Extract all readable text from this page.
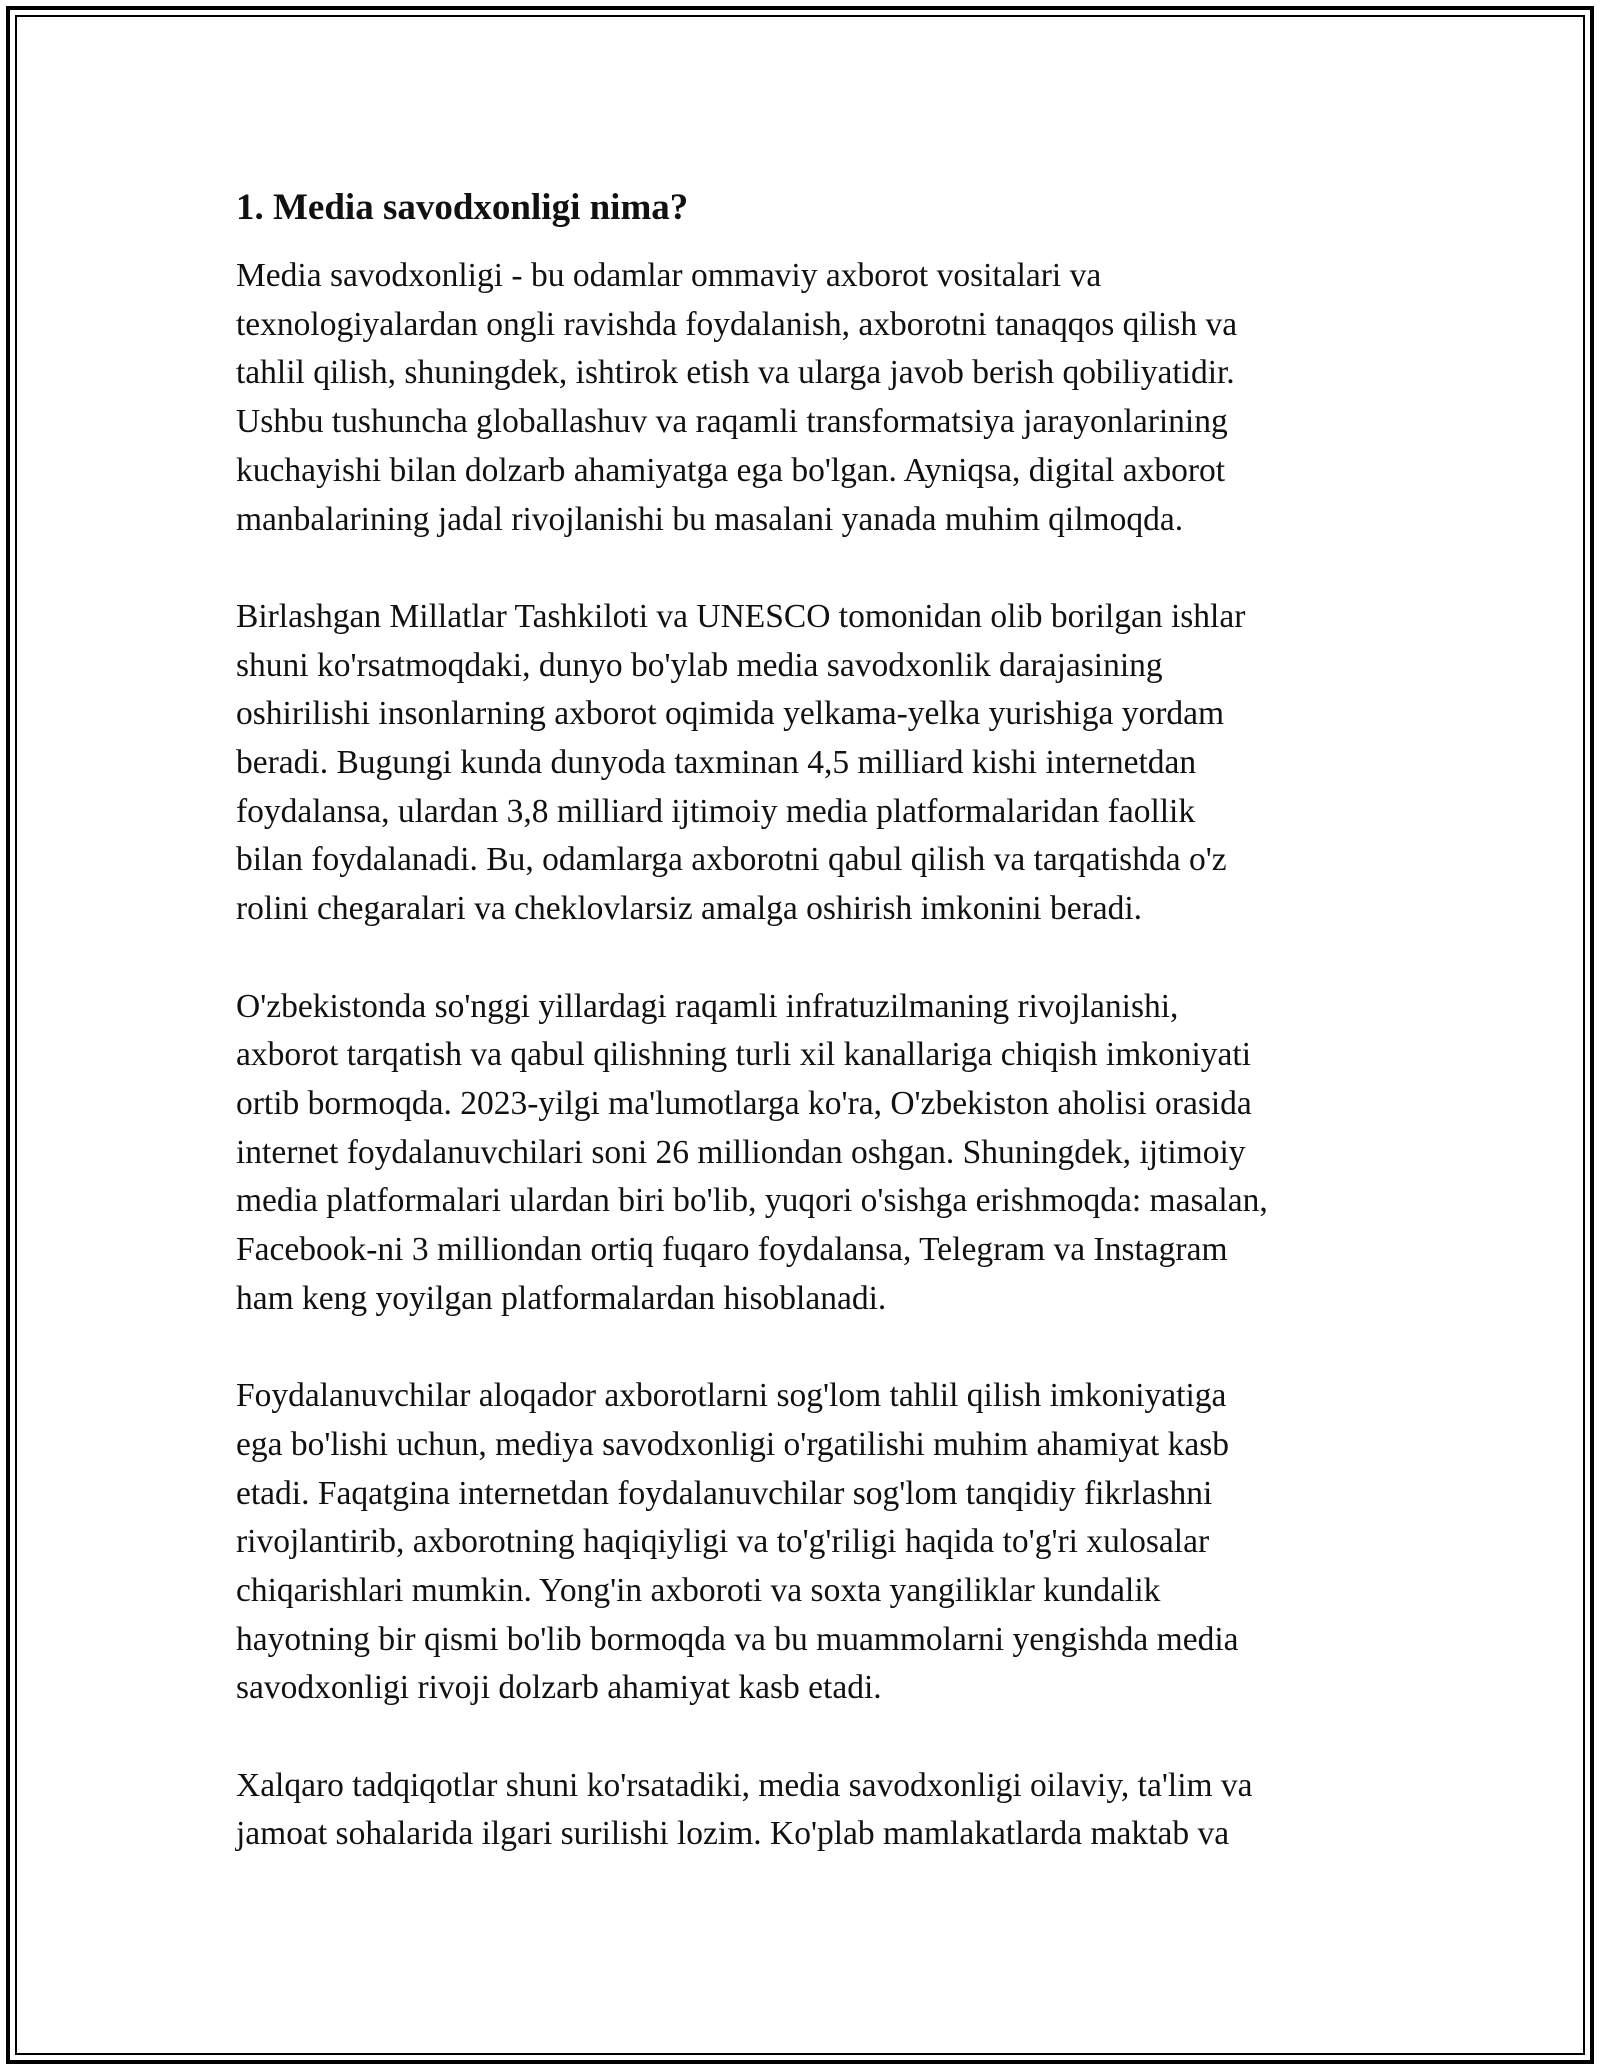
1. Media savodxonligi nima?

Media savodxonligi - bu odamlar ommaviy axborot vositalari va
texnologiyalardan ongli ravishda foydalanish, axborotni tanaqqos qilish va
tahlil qilish, shuningdek, ishtirok etish va ularga javob berish qobiliyatidir.
Ushbu tushuncha globallashuv va raqamli transformatsiya jarayonlarining
kuchayishi bilan dolzarb ahamiyatga ega bo'lgan. Ayniqsa, digital axborot
manbalarining jadal rivojlanishi bu masalani yanada muhim qilmoqda.

Birlashgan Millatlar Tashkiloti va UNESCO tomonidan olib borilgan ishlar
shuni ko'rsatmoqdaki, dunyo bo'ylab media savodxonlik darajasining
oshirilishi insonlarning axborot oqimida yelkama-yelka yurishiga yordam
beradi. Bugungi kunda dunyoda taxminan 4,5 milliard kishi internetdan
foydalansa, ulardan 3,8 milliard ijtimoiy media platformalaridan faollik
bilan foydalanadi. Bu, odamlarga axborotni qabul qilish va tarqatishda o'z
rolini chegaralari va cheklovlarsiz amalga oshirish imkonini beradi.

O'zbekistonda so'nggi yillardagi raqamli infratuzilmaning rivojlanishi,
axborot tarqatish va qabul qilishning turli xil kanallariga chiqish imkoniyati
ortib bormoqda. 2023-yilgi ma'lumotlarga ko'ra, O'zbekiston aholisi orasida
internet foydalanuvchilari soni 26 milliondan oshgan. Shuningdek, ijtimoiy
media platformalari ulardan biri bo'lib, yuqori o'sishga erishmoqda: masalan,
Facebook-ni 3 milliondan ortiq fuqaro foydalansa, Telegram va Instagram
ham keng yoyilgan platformalardan hisoblanadi.

Foydalanuvchilar aloqador axborotlarni sog'lom tahlil qilish imkoniyatiga
ega bo'lishi uchun, mediya savodxonligi o'rgatilishi muhim ahamiyat kasb
etadi. Faqatgina internetdan foydalanuvchilar sog'lom tanqidiy fikrlashni
rivojlantirib, axborotning haqiqiyligi va to'g'riligi haqida to'g'ri xulosalar
chiqarishlari mumkin. Yong'in axboroti va soxta yangiliklar kundalik
hayotning bir qismi bo'lib bormoqda va bu muammolarni yengishda media
savodxonligi rivoji dolzarb ahamiyat kasb etadi.

Xalqaro tadqiqotlar shuni ko'rsatadiki, media savodxonligi oilaviy, ta'lim va
jamoat sohalarida ilgari surilishi lozim. Ko'plab mamlakatlarda maktab va
